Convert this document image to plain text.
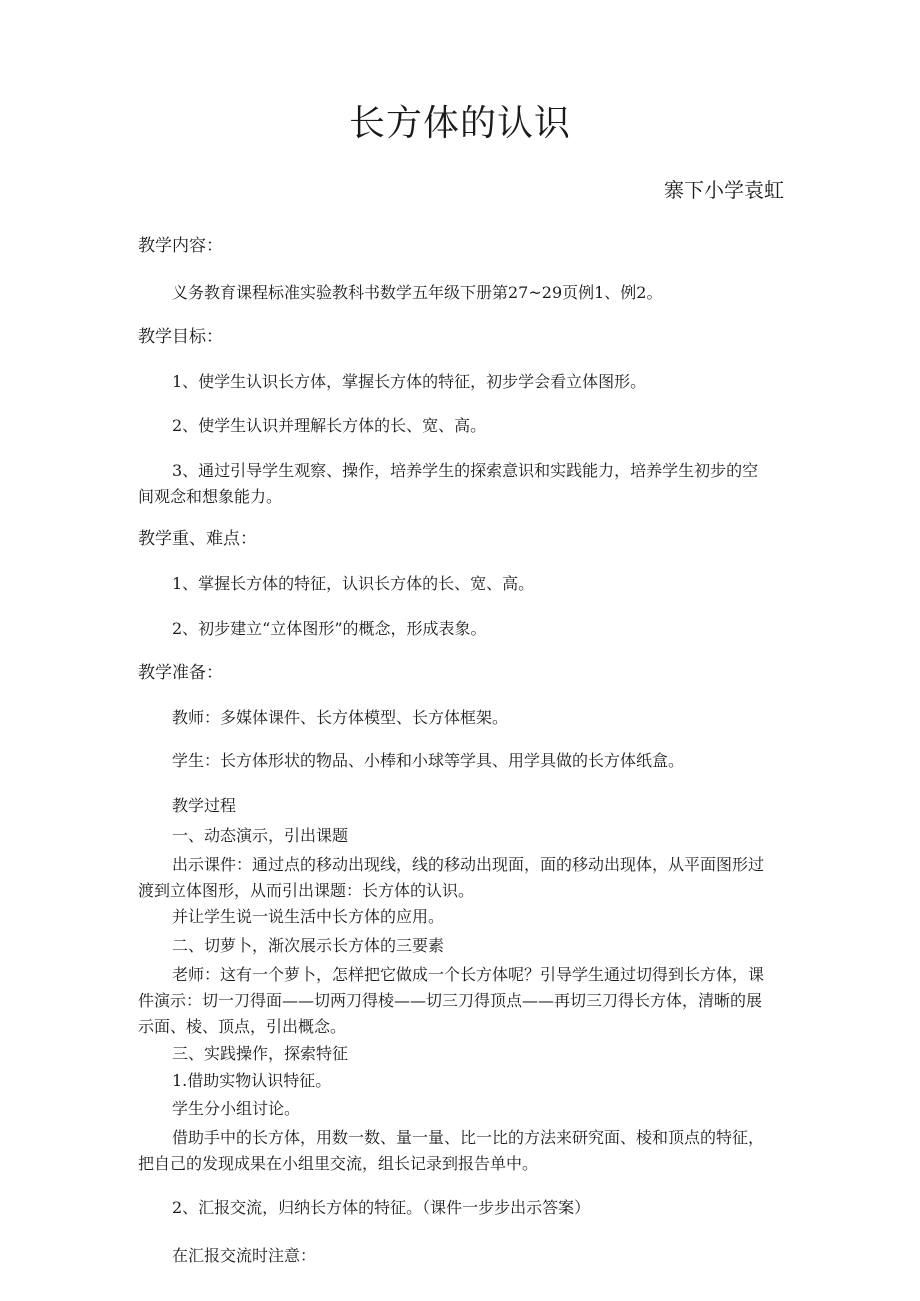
长方体的认识

寨下小学袁虹

教学内容：

义务教育课程标准实验教科书数学五年级下册第27~29页例1、例2。

教学目标：

1、使学生认识长方体，掌握长方体的特征，初步学会看立体图形。

2、使学生认识并理解长方体的长、宽、高。

3、通过引导学生观察、操作，培养学生的探索意识和实践能力，培养学生初步的空间观念和想象能力。

教学重、难点：

1、掌握长方体的特征，认识长方体的长、宽、高。

2、初步建立“立体图形”的概念，形成表象。

教学准备：

教师：多媒体课件、长方体模型、长方体框架。

学生：长方体形状的物品、小棒和小球等学具、用学具做的长方体纸盒。

教学过程

一、动态演示，引出课题

出示课件：通过点的移动出现线，线的移动出现面，面的移动出现体，从平面图形过渡到立体图形，从而引出课题：长方体的认识。

并让学生说一说生活中长方体的应用。

二、切萝卜，渐次展示长方体的三要素

老师：这有一个萝卜，怎样把它做成一个长方体呢？引导学生通过切得到长方体，课件演示：切一刀得面——切两刀得棱——切三刀得顶点——再切三刀得长方体，清晰的展示面、棱、顶点，引出概念。

三、实践操作，探索特征

1.借助实物认识特征。

学生分小组讨论。

借助手中的长方体，用数一数、量一量、比一比的方法来研究面、棱和顶点的特征，把自己的发现成果在小组里交流，组长记录到报告单中。

2、汇报交流，归纳长方体的特征。（课件一步步出示答案）

在汇报交流时注意：
